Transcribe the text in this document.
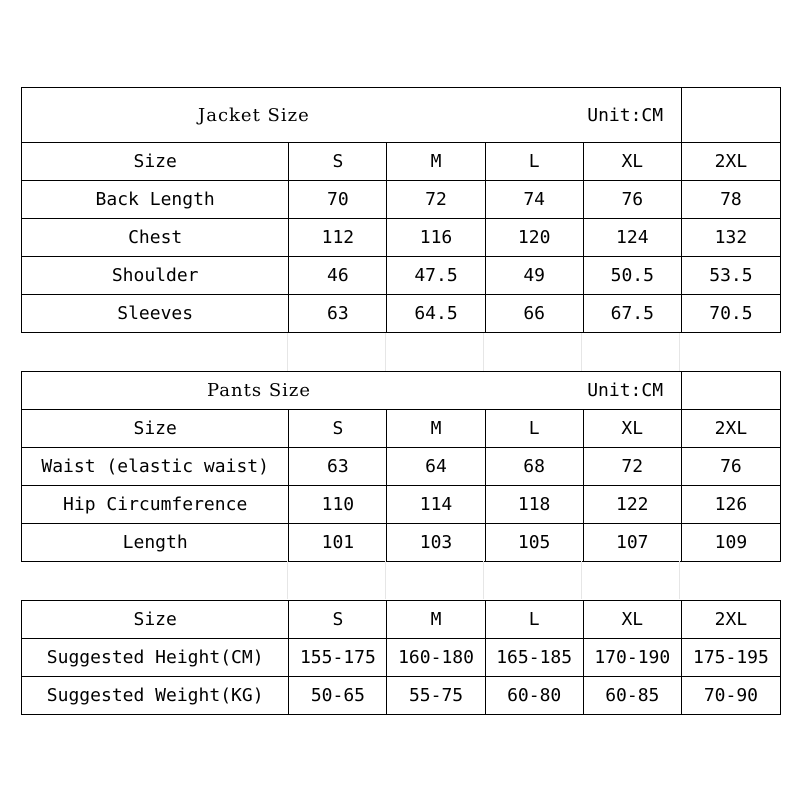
Jacket Size				Unit:CM	
Size	S	M	L	XL	2XL
Back Length	70	72	74	76	78
Chest	112	116	120	124	132
Shoulder	46	47.5	49	50.5	53.5
Sleeves	63	64.5	66	67.5	70.5
Pants Size				Unit:CM	
Size	S	M	L	XL	2XL
Waist (elastic waist)	63	64	68	72	76
Hip Circumference	110	114	118	122	126
Length	101	103	105	107	109
Size	S	M	L	XL	2XL
Suggested Height(CM)	155-175	160-180	165-185	170-190	175-195
Suggested Weight(KG)	50-65	55-75	60-80	60-85	70-90
